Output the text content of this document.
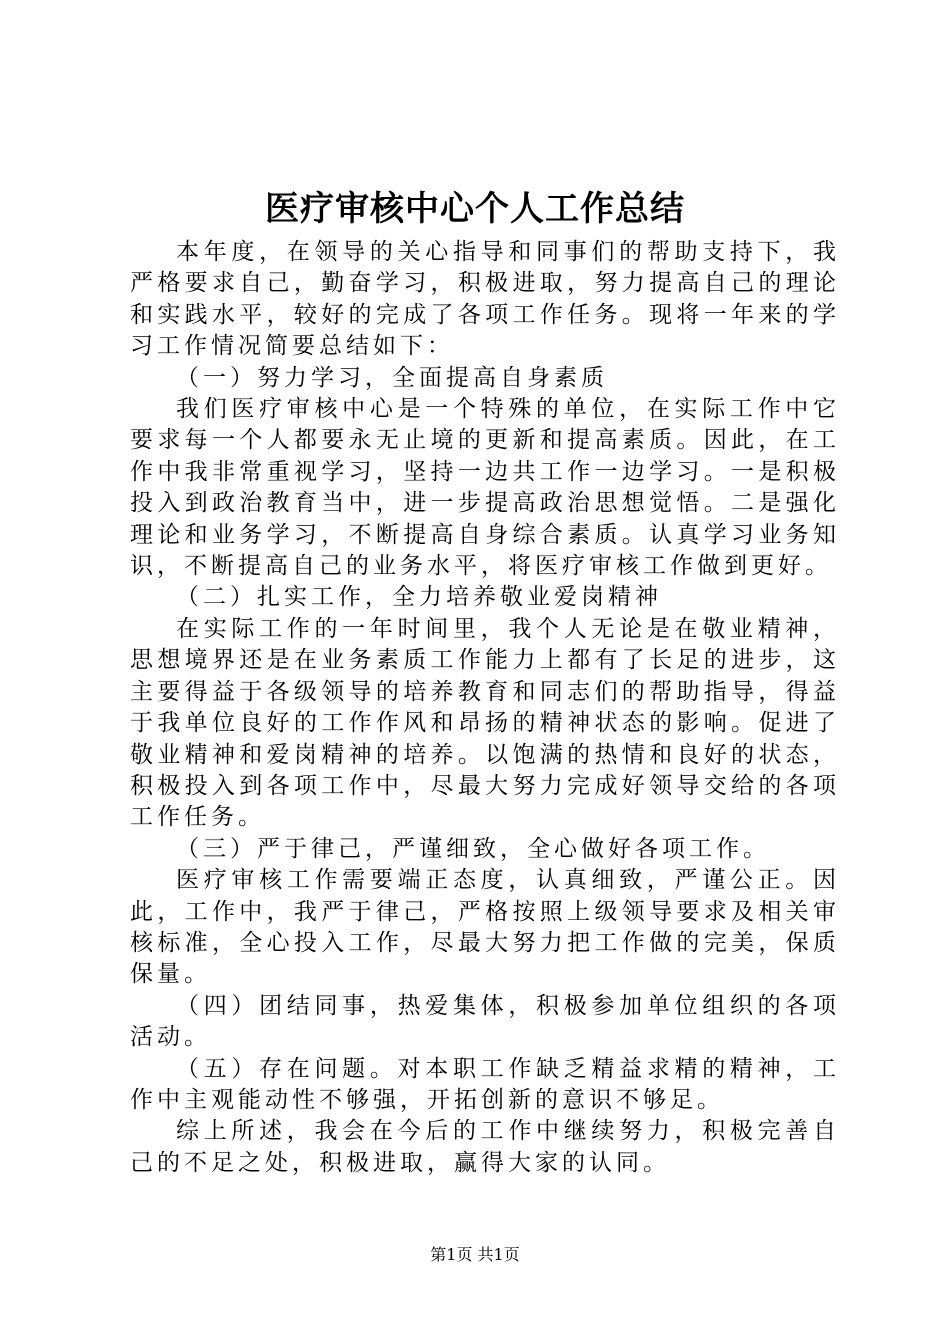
医疗审核中心个人工作总结

本年度，在领导的关心指导和同事们的帮助支持下，我严格要求自己，勤奋学习，积极进取，努力提高自己的理论和实践水平，较好的完成了各项工作任务。现将一年来的学习工作情况简要总结如下：

（一）努力学习，全面提高自身素质

我们医疗审核中心是一个特殊的单位，在实际工作中它要求每一个人都要永无止境的更新和提高素质。因此，在工作中我非常重视学习，坚持一边共工作一边学习。一是积极投入到政治教育当中，进一步提高政治思想觉悟。二是强化理论和业务学习，不断提高自身综合素质。认真学习业务知识，不断提高自己的业务水平，将医疗审核工作做到更好。

（二）扎实工作，全力培养敬业爱岗精神

在实际工作的一年时间里，我个人无论是在敬业精神，思想境界还是在业务素质工作能力上都有了长足的进步，这主要得益于各级领导的培养教育和同志们的帮助指导，得益于我单位良好的工作作风和昂扬的精神状态的影响。促进了敬业精神和爱岗精神的培养。以饱满的热情和良好的状态，积极投入到各项工作中，尽最大努力完成好领导交给的各项工作任务。

（三）严于律己，严谨细致，全心做好各项工作。

医疗审核工作需要端正态度，认真细致，严谨公正。因此，工作中，我严于律己，严格按照上级领导要求及相关审核标准，全心投入工作，尽最大努力把工作做的完美，保质保量。

（四）团结同事，热爱集体，积极参加单位组织的各项活动。

（五）存在问题。对本职工作缺乏精益求精的精神，工作中主观能动性不够强，开拓创新的意识不够足。

综上所述，我会在今后的工作中继续努力，积极完善自己的不足之处，积极进取，赢得大家的认同。

第1页 共1页
